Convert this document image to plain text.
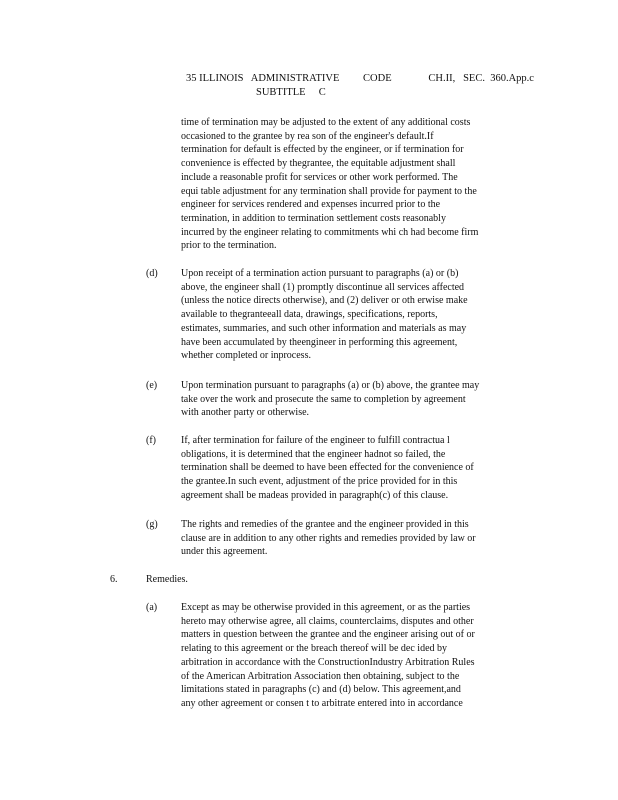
35 ILLINOIS   ADMINISTRATIVE         CODE              CH.II,   SEC.  360.App.c
SUBTITLE     C
time of termination may be adjusted to the extent of any additional costs
occasioned to the grantee by rea son of the engineer's default.If
termination for default is effected by the engineer, or if termination for
convenience is effected by thegrantee, the equitable adjustment shall
include a reasonable profit for services or other work performed. The
equi table adjustment for any termination shall provide for payment to the
engineer for services rendered and expenses incurred prior to the
termination, in addition to termination settlement costs reasonably
incurred by the engineer relating to commitments whi ch had become firm
prior to the termination.
(d) Upon receipt of a termination action pursuant to paragraphs (a) or (b)
above, the engineer shall (1) promptly discontinue all services affected
(unless the notice directs otherwise), and (2) deliver or oth erwise make
available to thegranteeall data, drawings, specifications, reports,
estimates, summaries, and such other information and materials as may
have been accumulated by theengineer in performing this agreement,
whether completed or inprocess.
(e) Upon termination pursuant to paragraphs (a) or (b) above, the grantee may
take over the work and prosecute the same to completion by agreement
with another party or otherwise.
(f)	If, after termination for failure of the engineer to fulfill contractua l
obligations, it is determined that the engineer hadnot so failed, the
termination shall be deemed to have been effected for the convenience of
the grantee.In such event, adjustment of the price provided for in this
agreement shall be madeas provided in paragraph(c) of this clause.
(g) The rights and remedies of the grantee and the engineer provided in this
clause are in addition to any other rights and remedies provided by law or
under this agreement.
6.	Remedies.
(a) Except as may be otherwise provided in this agreement, or as the parties
hereto may otherwise agree, all claims, counterclaims, disputes and other
matters in question between the grantee and the engineer arising out of or
relating to this agreement or the breach thereof will be dec ided by
arbitration in accordance with the ConstructionIndustry Arbitration Rules
of the American Arbitration Association then obtaining, subject to the
limitations stated in paragraphs (c) and (d) below. This agreement,and
any other agreement or consen t to arbitrate entered into in accordance
